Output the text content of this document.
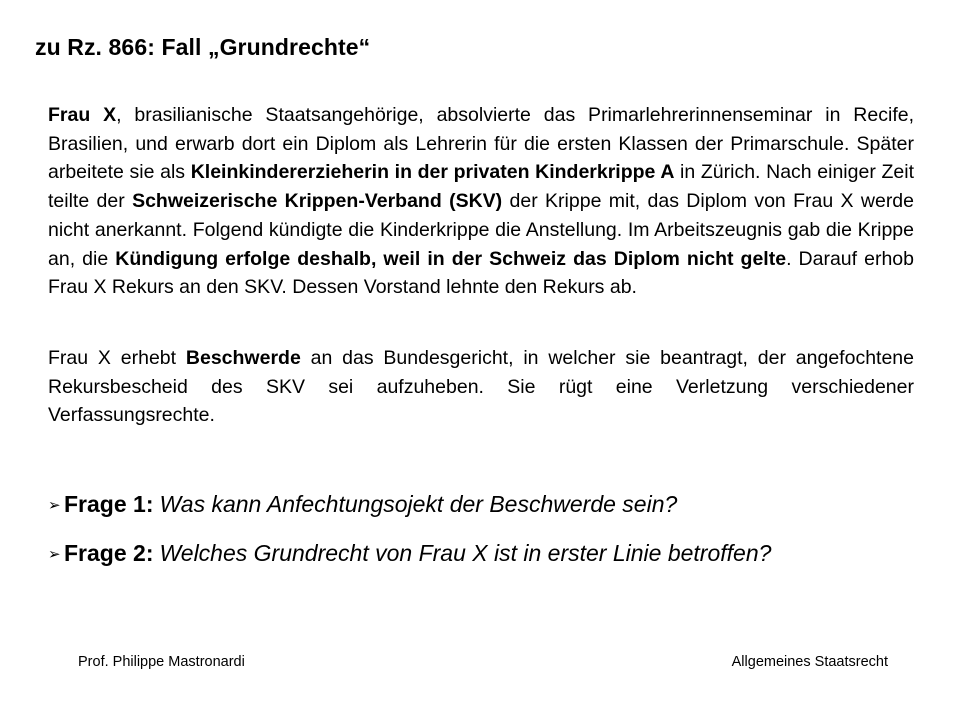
zu Rz. 866: Fall „Grundrechte“
Frau X, brasilianische Staatsangehörige, absolvierte das Primarlehrerinnenseminar in Recife, Brasilien, und erwarb dort ein Diplom als Lehrerin für die ersten Klassen der Primarschule. Später arbeitete sie als Kleinkindererzieherin in der privaten Kinderkrippe A in Zürich. Nach einiger Zeit teilte der Schweizerische Krippen-Verband (SKV) der Krippe mit, das Diplom von Frau X werde nicht anerkannt. Folgend kündigte die Kinderkrippe die Anstellung. Im Arbeitszeugnis gab die Krippe an, die Kündigung erfolge deshalb, weil in der Schweiz das Diplom nicht gelte. Darauf erhob Frau X Rekurs an den SKV. Dessen Vorstand lehnte den Rekurs ab.
Frau X erhebt Beschwerde an das Bundesgericht, in welcher sie beantragt, der angefochtene Rekursbescheid des SKV sei aufzuheben. Sie rügt eine Verletzung verschiedener Verfassungsrechte.
➢ Frage 1: Was kann Anfechtungsojekt der Beschwerde sein?
➢ Frage 2: Welches Grundrecht von Frau X ist in erster Linie betroffen?
Prof. Philippe Mastronardi	Allgemeines Staatsrecht
